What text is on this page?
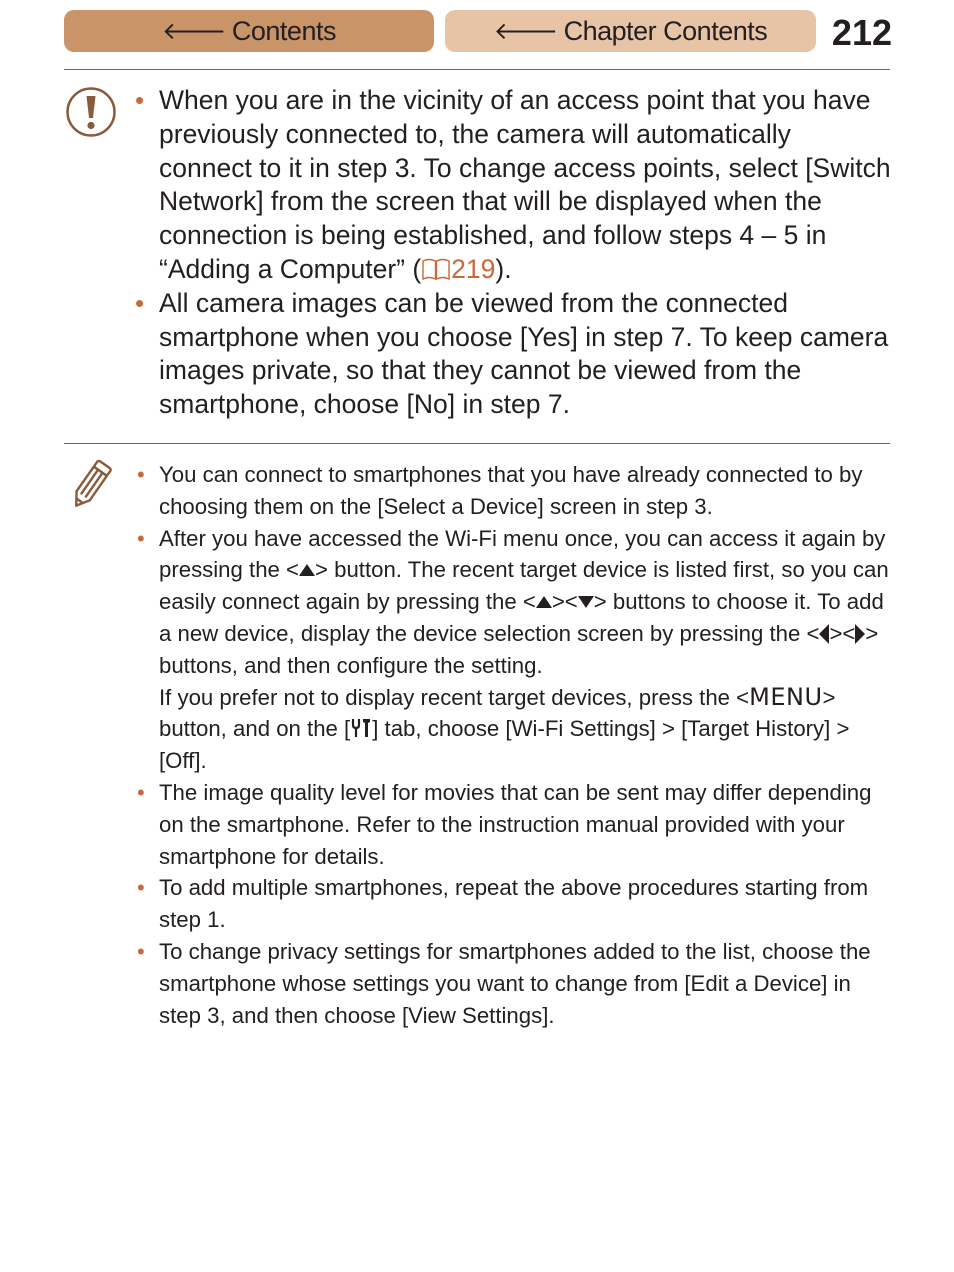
🡐 Contents	🡐 Chapter Contents 212
• When you are in the vicinity of an access point that you have previously connected to, the camera will automatically connect to it in step 3. To change access points, select [Switch Network] from the screen that will be displayed when the connection is being established, and follow steps 4 – 5 in “Adding a Computer” ( 219).
• All camera images can be viewed from the connected smartphone when you choose [Yes] in step 7. To keep camera images private, so that they cannot be viewed from the smartphone, choose [No] in step 7.
• You can connect to smartphones that you have already connected to by choosing them on the [Select a Device] screen in step 3.
• After you have accessed the Wi-Fi menu once, you can access it again by pressing the < > button. The recent target device is listed first, so you can easily connect again by pressing the < >< > buttons to choose it. To add a new device, display the device selection screen by pressing the < >< > buttons, and then configure the setting.
If you prefer not to display recent target devices, press the <MENU> button, and on the [ ] tab, choose [Wi-Fi Settings] > [Target History] > [Off].
• The image quality level for movies that can be sent may differ depending on the smartphone. Refer to the instruction manual provided with your smartphone for details.
• To add multiple smartphones, repeat the above procedures starting from step 1.
• To change privacy settings for smartphones added to the list, choose the smartphone whose settings you want to change from [Edit a Device] in step 3, and then choose [View Settings].
